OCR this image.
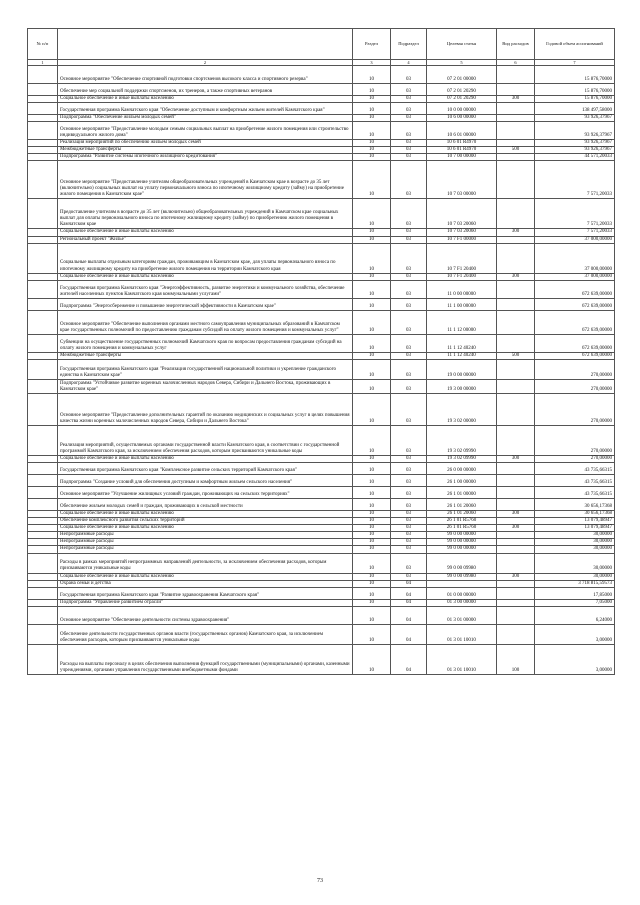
№ п/п		Раздел	Подраздел	Целевая статья	Вид расходов	Годовой объем ассигнований
1	2	3	4	5	6	7
	Основное мероприятие "Обеспечение спортивной подготовки спортсменов высокого класса и спортивного резерва"	10	03	07 2 01 00000		15 876,70000
	Обеспечение мер социальной поддержки спортсменов, их тренеров, а также спортивных ветеранов	10	03	07 2 01 20290		15 876,70000
	Социальное обеспечение и иные выплаты населению	10	03	07 2 01 20290	300	15 876,70000
	Государственная программа Камчатского края "Обеспечение доступным и комфортным жильем жителей Камчатского края"	10	03	10 0 00 00000		138 497,58000
	Подпрограмма "Обеспечение жильем молодых семей"	10	03	10 6 00 00000		93 926,37967
	Основное мероприятие "Предоставление молодым семьям социальных выплат на приобретение жилого помещения или строительство индивидуального жилого дома"	10	03	10 6 01 00000		93 926,37967
	Реализация мероприятий по обеспечению жильем молодых семей	10	03	10 6 01 R4970		93 926,37967
	Межбюджетные трансферты	10	03	10 6 01 R4970	500	93 926,37967
	Подпрограмма "Развитие системы ипотечного жилищного кредитования"	10	03	10 7 00 00000		44 571,20033
	Основное мероприятие "Предоставление учителям общеобразовательных учреждений в Камчатском крае в возрасте до 35 лет (включительно) социальных выплат на уплату первоначального взноса по ипотечному жилищному кредиту (займу) на приобретение жилого помещения в Камчатском крае"	10	03	10 7 03 00000		7 571,20033
	Предоставление учителям в возрасте до 35 лет (включительно) общеобразовательных учреждений в Камчатском крае социальных выплат для оплаты первоначального взноса по ипотечному жилищному кредиту (займу) по приобретению жилого помещения в Камчатском крае	10	03	10 7 03 20060		7 571,20033
	Социальное обеспечение и иные выплаты населению	10	03	10 7 03 20060	300	7 571,20033
	Региональный проект "Жилье"	10	03	10 7 F1 00000		37 000,00000
	Социальные выплаты отдельным категориям граждан, проживающим в Камчатском крае, для уплаты первоначального взноса по ипотечному жилищному кредиту на приобретение жилого помещения на территории Камчатского края	10	03	10 7 F1 20400		37 000,00000
	Социальное обеспечение и иные выплаты населению	10	03	10 7 F1 20400	300	37 000,00000
	Государственная программа Камчатского края "Энергоэффективность, развитие энергетики и коммунального хозяйства, обеспечение жителей населенных пунктов Камчатского края коммунальными услугами"	10	03	11 0 00 00000		672 639,00000
	Подпрограмма "Энергосбережение и повышение энергетической эффективности в Камчатском крае"	10	03	11 1 00 00000		672 639,00000
	Основное мероприятие "Обеспечение выполнения органами местного самоуправления муниципальных образований в Камчатском крае государственных полномочий по предоставлению гражданам субсидий на оплату жилого помещения и коммунальных услуг"	10	03	11 1 12 00000		672 639,00000
	Субвенции на осуществление государственных полномочий Камчатского края по вопросам предоставления гражданам субсидий на оплату жилого помещения и коммунальных услуг	10	03	11 1 12 40240		672 639,00000
	Межбюджетные трансферты	10	03	11 1 12 40240	500	672 639,00000
	Государственная программа Камчатского края "Реализация государственной национальной политики и укрепление гражданского единства в Камчатском крае"	10	03	19 0 00 00000		270,00000
	Подпрограмма "Устойчивое развитие коренных малочисленных народов Севера, Сибири и Дальнего Востока, проживающих в Камчатском крае"	10	03	19 3 00 00000		270,00000
	Основное мероприятие "Предоставление дополнительных гарантий по оказанию медицинских и социальных услуг в целях повышения качества жизни коренных малочисленных народов Севера, Сибири и Дальнего Востока"	10	03	19 3 02 00000		270,00000
	Реализация мероприятий, осуществляемых органами государственной власти Камчатского края, в соответствии с государственной программой Камчатского края, за исключением обеспечения расходов, которым присваиваются уникальные коды	10	03	19 3 02 09990		270,00000
	Социальное обеспечение и иные выплаты населению	10	03	19 3 02 09990	300	270,00000
	Государственная программа Камчатского края "Комплексное развитие сельских территорий Камчатского края"	10	03	26 0 00 00000		43 735,66315
	Подпрограмма "Создание условий для обеспечения доступным и комфортным жильем сельского населения"	10	03	26 1 00 00000		43 735,66315
	Основное мероприятие "Улучшение жилищных условий граждан, проживающих на сельских территориях"	10	03	26 1 01 00000		43 735,66315
	Обеспечение жильем молодых семей и граждан, проживающих в сельской местности	10	03	26 1 01 20060		30 656,17368
	Социальное обеспечение и иные выплаты населению	10	03	26 1 01 20060	300	30 656,17368
	Обеспечение комплексного развития сельских территорий	10	03	26 1 01 R5760		13 079,48947
	Социальное обеспечение и иные выплаты населению	10	03	26 1 01 R5760	300	13 079,48947
	Непрограммные расходы	10	03	99 0 00 00000		30,00000
	Непрограммные расходы	10	03	99 0 00 00000		30,00000
	Непрограммные расходы	10	03	99 0 00 00000		30,00000
	Расходы в рамках мероприятий непрограммных направлений деятельности, за исключением обеспечения расходов, которым присваиваются уникальные коды	10	03	99 0 00 09980		30,00000
	Социальное обеспечение и иные выплаты населению	10	03	99 0 00 09980	300	30,00000
	Охрана семьи и детства	10	04			3 718 815,59573
	Государственная программа Камчатского края "Развитие здравоохранения Камчатского края"	10	04	01 0 00 00000		17,85000
	Подпрограмма "Управление развитием отрасли"	10	04	01 3 00 00000		7,05000
	Основное мероприятие "Обеспечение деятельности системы здравоохранения"	10	04	01 3 01 00000		6,24000
	Обеспечение деятельности государственных органов власти (государственных органов) Камчатского края, за исключением обеспечения расходов, которым присваиваются уникальные коды	10	04	01 3 01 10010		3,00000
	Расходы на выплаты персоналу в целях обеспечения выполнения функций государственными (муниципальными) органами, казенными учреждениями, органами управления государственными внебюджетными фондами	10	04	01 3 01 10010	100	3,00000
73
